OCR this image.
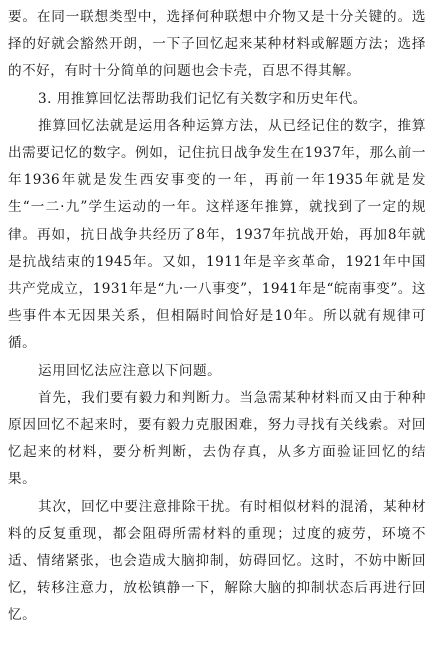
要。在同一联想类型中，选择何种联想中介物又是十分关键的。选择的好就会豁然开朗，一下子回忆起来某种材料或解题方法；选择的不好，有时十分简单的问题也会卡壳，百思不得其解。

3. 用推算回忆法帮助我们记忆有关数字和历史年代。

推算回忆法就是运用各种运算方法，从已经记住的数字，推算出需要记忆的数字。例如，记住抗日战争发生在1937年，那么前一年1936年就是发生西安事变的一年，再前一年1935年就是发生“一二·九”学生运动的一年。这样逐年推算，就找到了一定的规律。再如，抗日战争共经历了8年，1937年抗战开始，再加8年就是抗战结束的1945年。又如，1911年是辛亥革命，1921年中国共产党成立，1931年是“九·一八事变”，1941年是“皖南事变”。这些事件本无因果关系，但相隔时间恰好是10年。所以就有规律可循。

运用回忆法应注意以下问题。

首先，我们要有毅力和判断力。当急需某种材料而又由于种种原因回忆不起来时，要有毅力克服困难，努力寻找有关线索。对回忆起来的材料，要分析判断，去伪存真，从多方面验证回忆的结果。

其次，回忆中要注意排除干扰。有时相似材料的混淆，某种材料的反复重现，都会阻碍所需材料的重现；过度的疲劳，环境不适、情绪紧张，也会造成大脑抑制，妨碍回忆。这时，不妨中断回忆，转移注意力，放松镇静一下，解除大脑的抑制状态后再进行回忆。
